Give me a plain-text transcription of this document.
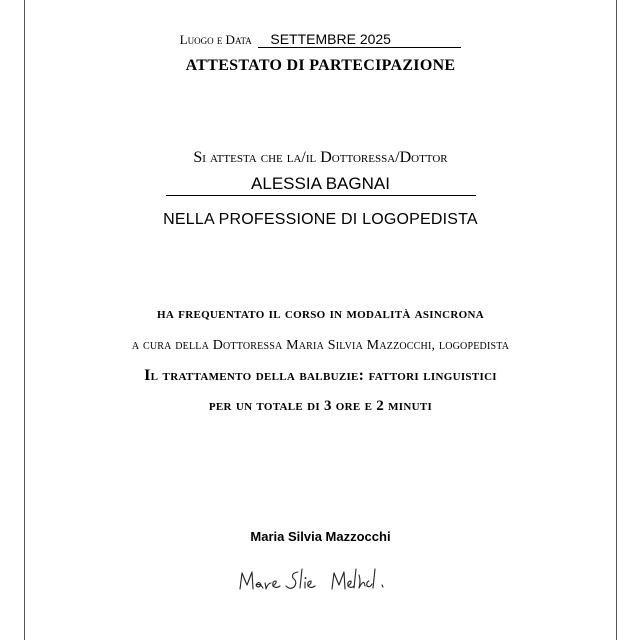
Luogo e Data SETTEMBRE 2025
ATTESTATO DI PARTECIPAZIONE
Si attesta che la/il Dottoressa/Dottor
ALESSIA BAGNAI
NELLA PROFESSIONE DI LOGOPEDISTA
ha frequentato il corso in modalità asincrona
a cura della Dottoressa Maria Silvia Mazzocchi, logopedista
Il trattamento della balbuzie: fattori linguistici
per un totale di 3 ore e 2 minuti
Maria Silvia Mazzocchi
